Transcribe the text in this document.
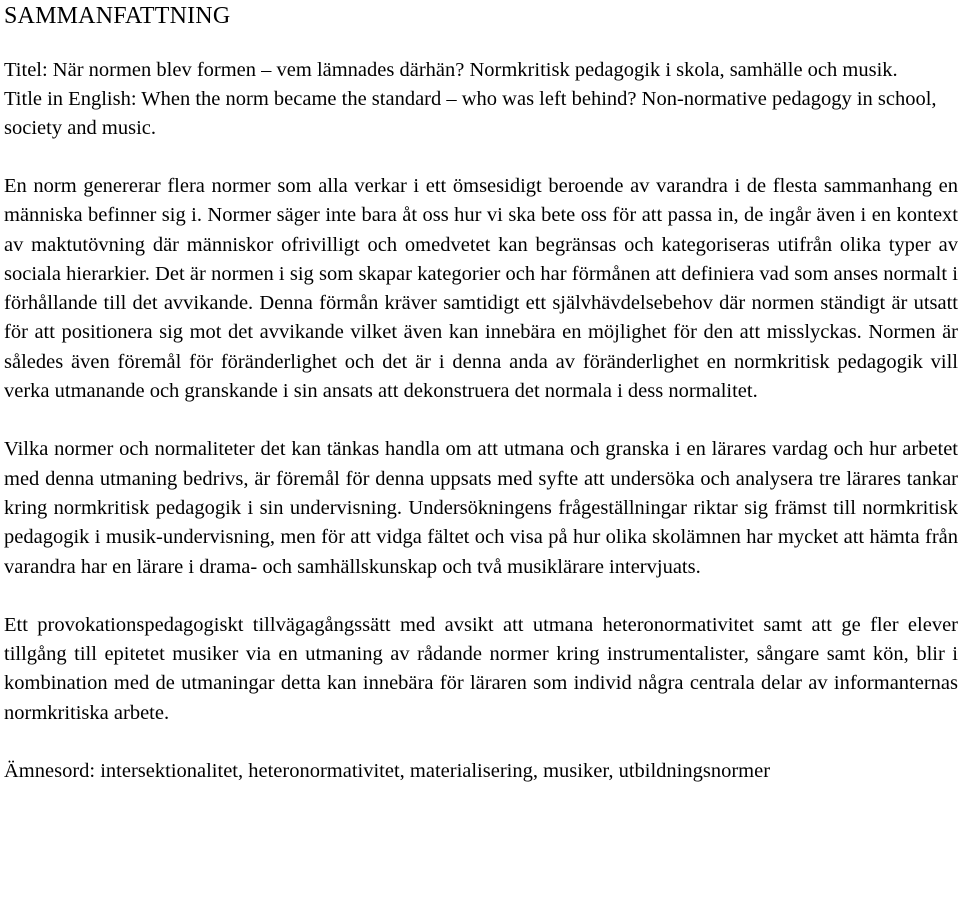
SAMMANFATTNING

Titel: När normen blev formen – vem lämnades därhän? Normkritisk pedagogik i skola, samhälle och musik.

Title in English: When the norm became the standard – who was left behind? Non-normative pedagogy in school, society and music.

En norm genererar flera normer som alla verkar i ett ömsesidigt beroende av varandra i de flesta sammanhang en människa befinner sig i. Normer säger inte bara åt oss hur vi ska bete oss för att passa in, de ingår även i en kontext av maktutövning där människor ofrivilligt och omedvetet kan begränsas och kategoriseras utifrån olika typer av sociala hierarkier. Det är normen i sig som skapar kategorier och har förmånen att definiera vad som anses normalt i förhållande till det avvikande. Denna förmån kräver samtidigt ett självhävdelsebehov där normen ständigt är utsatt för att positionera sig mot det avvikande vilket även kan innebära en möjlighet för den att misslyckas. Normen är således även föremål för föränderlighet och det är i denna anda av föränderlighet en normkritisk pedagogik vill verka utmanande och granskande i sin ansats att dekonstruera det normala i dess normalitet.

Vilka normer och normaliteter det kan tänkas handla om att utmana och granska i en lärares vardag och hur arbetet med denna utmaning bedrivs, är föremål för denna uppsats med syfte att undersöka och analysera tre lärares tankar kring normkritisk pedagogik i sin undervisning. Undersökningens frågeställningar riktar sig främst till normkritisk pedagogik i musik-undervisning, men för att vidga fältet och visa på hur olika skolämnen har mycket att hämta från varandra har en lärare i drama- och samhällskunskap och två musiklärare intervjuats.

Ett provokationspedagogiskt tillvägagångssätt med avsikt att utmana heteronormativitet samt att ge fler elever tillgång till epitetet musiker via en utmaning av rådande normer kring instrumentalister, sångare samt kön, blir i kombination med de utmaningar detta kan innebära för läraren som individ några centrala delar av informanternas normkritiska arbete.

Ämnesord: intersektionalitet, heteronormativitet, materialisering, musiker, utbildningsnormer
